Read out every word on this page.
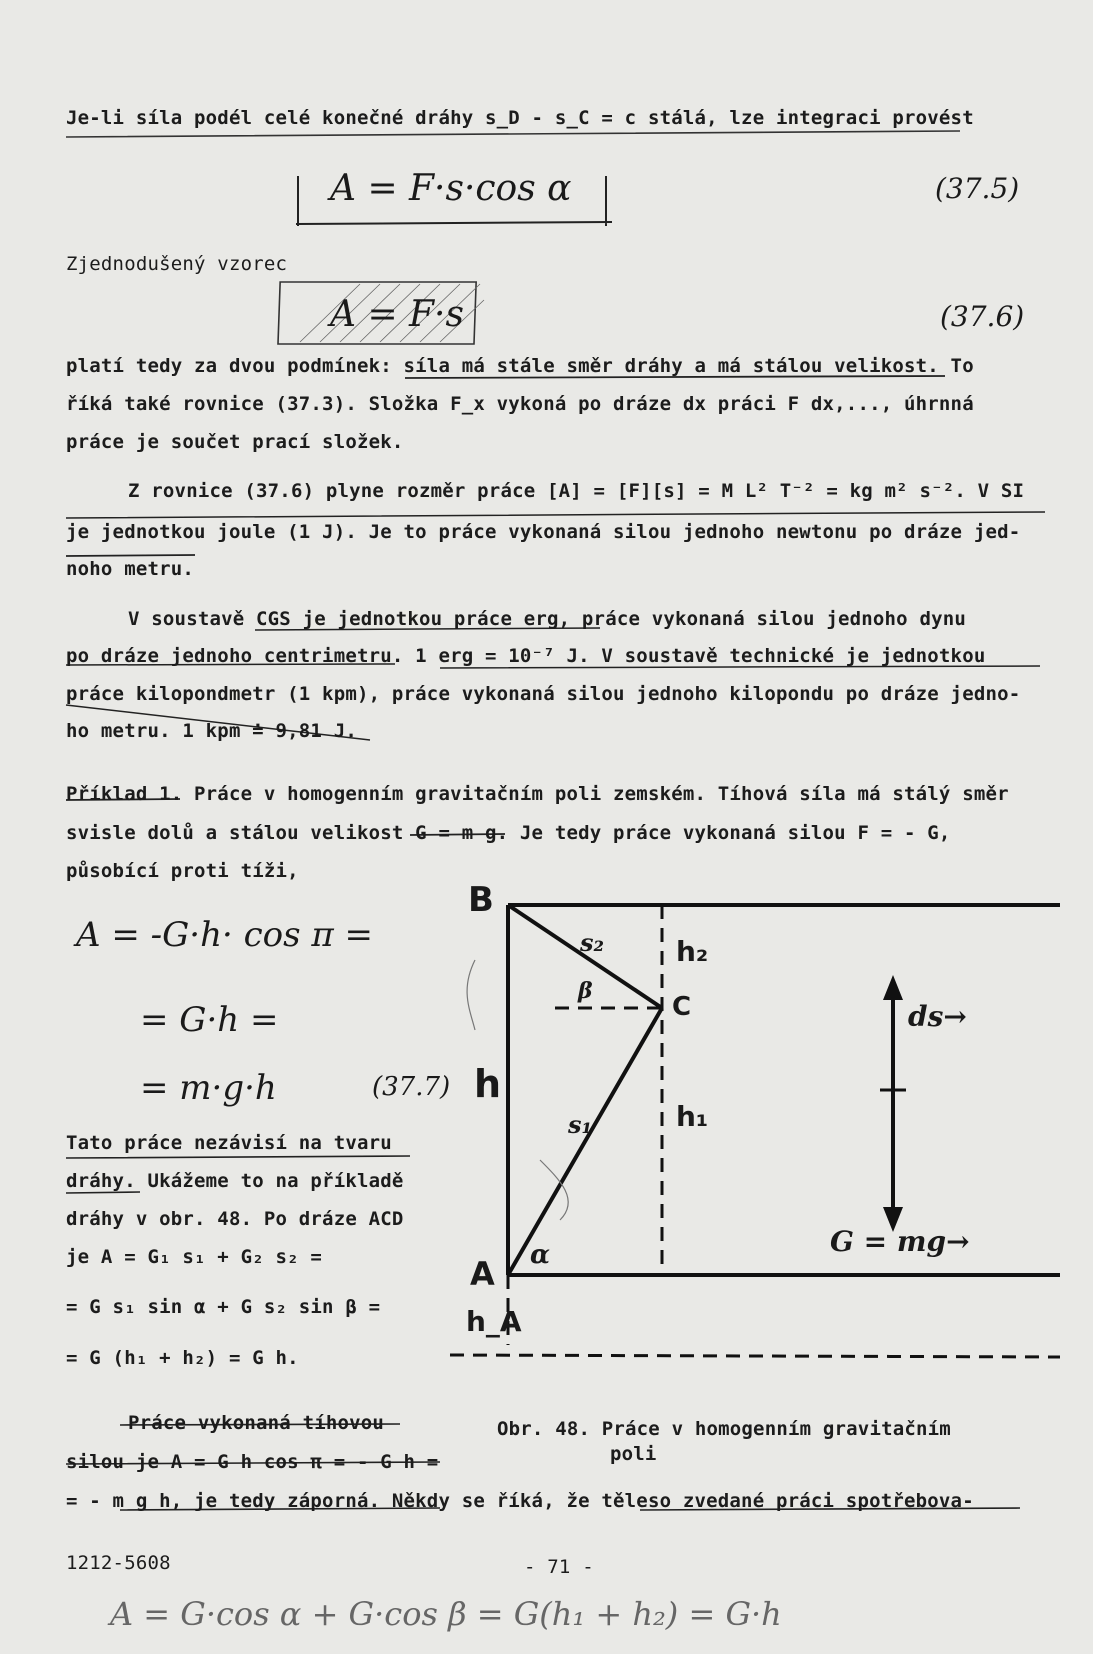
Je-li síla podél celé konečné dráhy s_D - s_C = c stálá, lze integraci provést
A = F·s·cos α	(37.5)
Zjednodušený vzorec
A = F·s	(37.6)
platí tedy za dvou podmínek: síla má stále směr dráhy a má stálou velikost. To
říká také rovnice (37.3). Složka F_x vykoná po dráze dx práci F dx,..., úhrnná
práce je součet prací složek.
Z rovnice (37.6) plyne rozměr práce [A] = [F][s] = M L² T⁻² = kg m² s⁻². V SI
je jednotkou joule (1 J). Je to práce vykonaná silou jednoho newtonu po dráze jed-
noho metru.
V soustavě CGS je jednotkou práce erg, práce vykonaná silou jednoho dynu
po dráze jednoho centrimetru. 1 erg = 10⁻⁷ J. V soustavě technické je jednotkou
práce kilopondmetr (1 kpm), práce vykonaná silou jednoho kilopondu po dráze jedno-
ho metru. 1 kpm ≐ 9,81 J.
Příklad 1. Práce v homogenním gravitačním poli zemském. Tíhová síla má stálý směr
svisle dolů a stálou velikost G = m g. Je tedy práce vykonaná silou F = - G,
působící proti tíži,
A = -G·h· cos π =
= G·h =
= m·g·h	(37.7)
Tato práce nezávisí na tvaru
dráhy. Ukážeme to na příkladě
dráhy v obr. 48. Po dráze ACD
je A = G₁ s₁ + G₂ s₂ =
= G s₁ sin α + G s₂ sin β =
= G (h₁ + h₂) = G h.
Práce vykonaná tíhovou
silou je A = G h cos π = - G h =
B
C
A
h
h₁
h₂
h_A
s₁
s₂
α
β
ds→
G = mg→
Obr. 48. Práce v homogenním gravitačním
poli
= - m g h, je tedy záporná. Někdy se říká, že těleso zvedané práci spotřebova-
1212-5608	- 71 -
A = G·cos α + G·cos β = G(h₁ + h₂) = G·h
